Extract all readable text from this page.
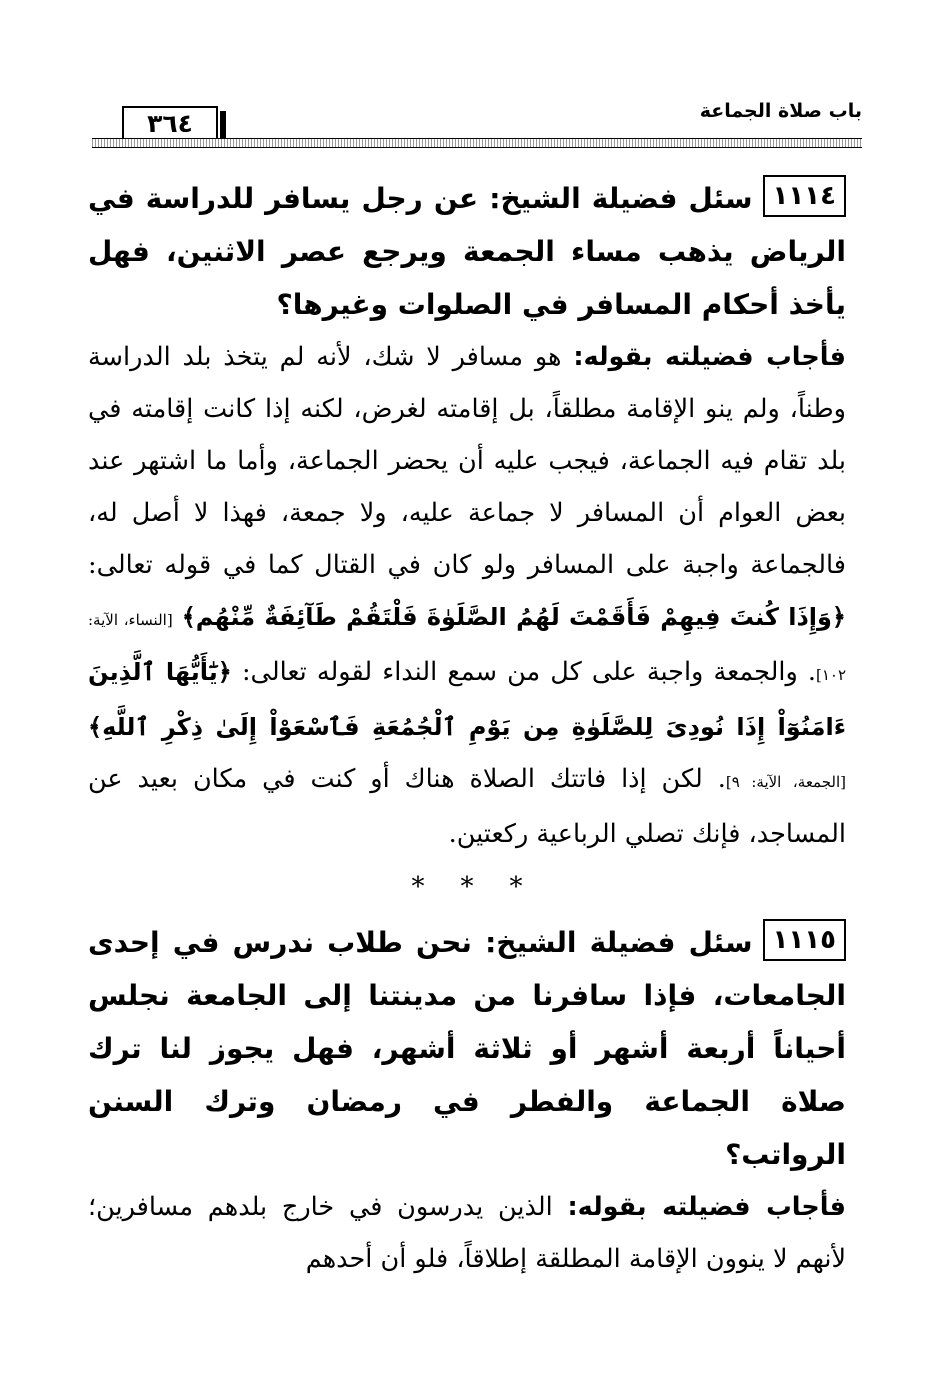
باب صلاة الجماعة
٣٦٤

١١١٤سئل فضيلة الشيخ: عن رجل يسافر للدراسة في الرياض يذهب مساء الجمعة ويرجع عصر الاثنين، فهل يأخذ أحكام المسافر في الصلوات وغيرها؟

فأجاب فضيلته بقوله: هو مسافر لا شك، لأنه لم يتخذ بلد الدراسة وطناً، ولم ينو الإقامة مطلقاً، بل إقامته لغرض، لكنه إذا كانت إقامته في بلد تقام فيه الجماعة، فيجب عليه أن يحضر الجماعة، وأما ما اشتهر عند بعض العوام أن المسافر لا جماعة عليه، ولا جمعة، فهذا لا أصل له، فالجماعة واجبة على المسافر ولو كان في القتال كما في قوله تعالى: ﴿وَإِذَا كُنتَ فِيهِمْ فَأَقَمْتَ لَهُمُ الصَّلَوٰةَ فَلْتَقُمْ طَآئِفَةٌ مِّنْهُم﴾ [النساء، الآية: ١٠٢]. والجمعة واجبة على كل من سمع النداء لقوله تعالى: ﴿يَٰٓأَيُّهَا ٱلَّذِينَ ءَامَنُوٓاْ إِذَا نُودِىَ لِلصَّلَوٰةِ مِن يَوْمِ ٱلْجُمُعَةِ فَٱسْعَوْاْ إِلَىٰ ذِكْرِ ٱللَّهِ﴾ [الجمعة، الآية: ٩]. لكن إذا فاتتك الصلاة هناك أو كنت في مكان بعيد عن المساجد، فإنك تصلي الرباعية ركعتين.

***

١١١٥سئل فضيلة الشيخ: نحن طلاب ندرس في إحدى الجامعات، فإذا سافرنا من مدينتنا إلى الجامعة نجلس أحياناً أربعة أشهر أو ثلاثة أشهر، فهل يجوز لنا ترك صلاة الجماعة والفطر في رمضان وترك السنن الرواتب؟

فأجاب فضيلته بقوله: الذين يدرسون في خارج بلدهم مسافرين؛ لأنهم لا ينوون الإقامة المطلقة إطلاقاً، فلو أن أحدهم
